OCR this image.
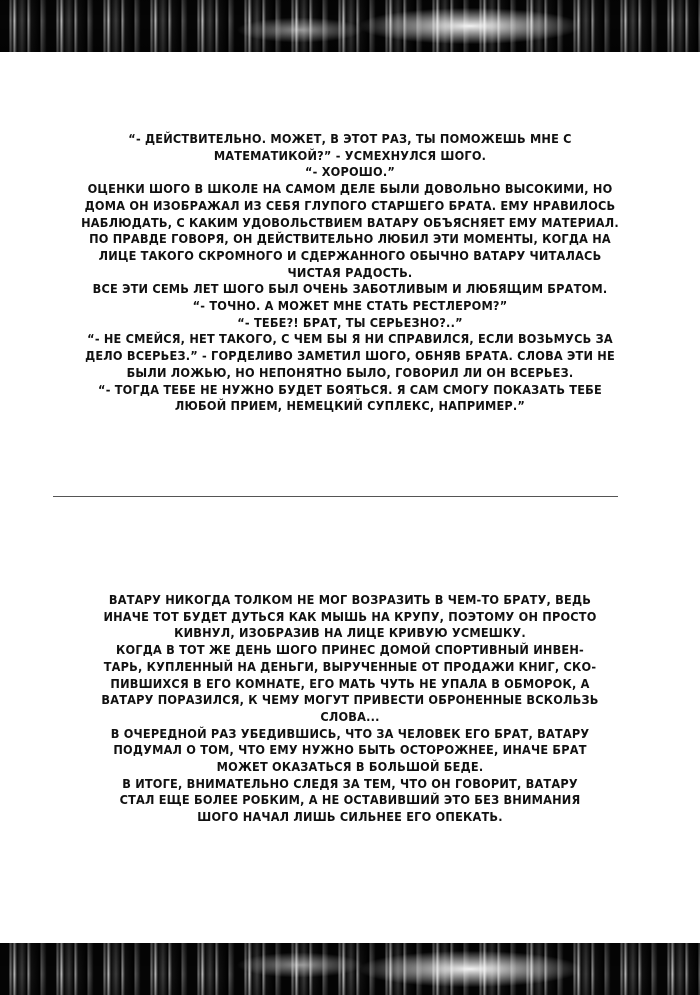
“- ДЕЙСТВИТЕЛЬНО. МОЖЕТ, В ЭТОТ РАЗ, ТЫ ПОМОЖЕШЬ МНЕ С

МАТЕМАТИКОЙ?” - УСМЕХНУЛСЯ ШОГО.

“- ХОРОШО.”

ОЦЕНКИ ШОГО В ШКОЛЕ НА САМОМ ДЕЛЕ БЫЛИ ДОВОЛЬНО ВЫСОКИМИ, НО

ДОМА ОН ИЗОБРАЖАЛ ИЗ СЕБЯ ГЛУПОГО СТАРШЕГО БРАТА. ЕМУ НРАВИЛОСЬ

НАБЛЮДАТЬ, С КАКИМ УДОВОЛЬСТВИЕМ ВАТАРУ ОБЪЯСНЯЕТ ЕМУ МАТЕРИАЛ.

ПО ПРАВДЕ ГОВОРЯ, ОН ДЕЙСТВИТЕЛЬНО ЛЮБИЛ ЭТИ МОМЕНТЫ, КОГДА НА

ЛИЦЕ ТАКОГО СКРОМНОГО И СДЕРЖАННОГО ОБЫЧНО ВАТАРУ ЧИТАЛАСЬ

ЧИСТАЯ РАДОСТЬ.

ВСЕ ЭТИ СЕМЬ ЛЕТ ШОГО БЫЛ ОЧЕНЬ ЗАБОТЛИВЫМ И ЛЮБЯЩИМ БРАТОМ.

“- ТОЧНО. А МОЖЕТ МНЕ СТАТЬ РЕСТЛЕРОМ?”

“- ТЕБЕ?! БРАТ, ТЫ СЕРЬЕЗНО?..”

“- НЕ СМЕЙСЯ, НЕТ ТАКОГО, С ЧЕМ БЫ Я НИ СПРАВИЛСЯ, ЕСЛИ ВОЗЬМУСЬ ЗА

ДЕЛО ВСЕРЬЕЗ.” - ГОРДЕЛИВО ЗАМЕТИЛ ШОГО, ОБНЯВ БРАТА. СЛОВА ЭТИ НЕ

БЫЛИ ЛОЖЬЮ, НО НЕПОНЯТНО БЫЛО, ГОВОРИЛ ЛИ ОН ВСЕРЬЕЗ.

“- ТОГДА ТЕБЕ НЕ НУЖНО БУДЕТ БОЯТЬСЯ. Я САМ СМОГУ ПОКАЗАТЬ ТЕБЕ

ЛЮБОЙ ПРИЕМ, НЕМЕЦКИЙ СУПЛЕКС, НАПРИМЕР.”

ВАТАРУ НИКОГДА ТОЛКОМ НЕ МОГ ВОЗРАЗИТЬ В ЧЕМ-ТО БРАТУ, ВЕДЬ

ИНАЧЕ ТОТ БУДЕТ ДУТЬСЯ КАК МЫШЬ НА КРУПУ, ПОЭТОМУ ОН ПРОСТО

КИВНУЛ, ИЗОБРАЗИВ НА ЛИЦЕ КРИВУЮ УСМЕШКУ.

КОГДА В ТОТ ЖЕ ДЕНЬ ШОГО ПРИНЕС ДОМОЙ СПОРТИВНЫЙ ИНВЕН-

ТАРЬ, КУПЛЕННЫЙ НА ДЕНЬГИ, ВЫРУЧЕННЫЕ ОТ ПРОДАЖИ КНИГ, СКО-

ПИВШИХСЯ В ЕГО КОМНАТЕ, ЕГО МАТЬ ЧУТЬ НЕ УПАЛА В ОБМОРОК, А

ВАТАРУ ПОРАЗИЛСЯ, К ЧЕМУ МОГУТ ПРИВЕСТИ ОБРОНЕННЫЕ ВСКОЛЬЗЬ

СЛОВА...

В ОЧЕРЕДНОЙ РАЗ УБЕДИВШИСЬ, ЧТО ЗА ЧЕЛОВЕК ЕГО БРАТ, ВАТАРУ

ПОДУМАЛ О ТОМ, ЧТО ЕМУ НУЖНО БЫТЬ ОСТОРОЖНЕЕ, ИНАЧЕ БРАТ

МОЖЕТ ОКАЗАТЬСЯ В БОЛЬШОЙ БЕДЕ.

В ИТОГЕ, ВНИМАТЕЛЬНО СЛЕДЯ ЗА ТЕМ, ЧТО ОН ГОВОРИТ, ВАТАРУ

СТАЛ ЕЩЕ БОЛЕЕ РОБКИМ, А НЕ ОСТАВИВШИЙ ЭТО БЕЗ ВНИМАНИЯ

ШОГО НАЧАЛ ЛИШЬ СИЛЬНЕЕ ЕГО ОПЕКАТЬ.
